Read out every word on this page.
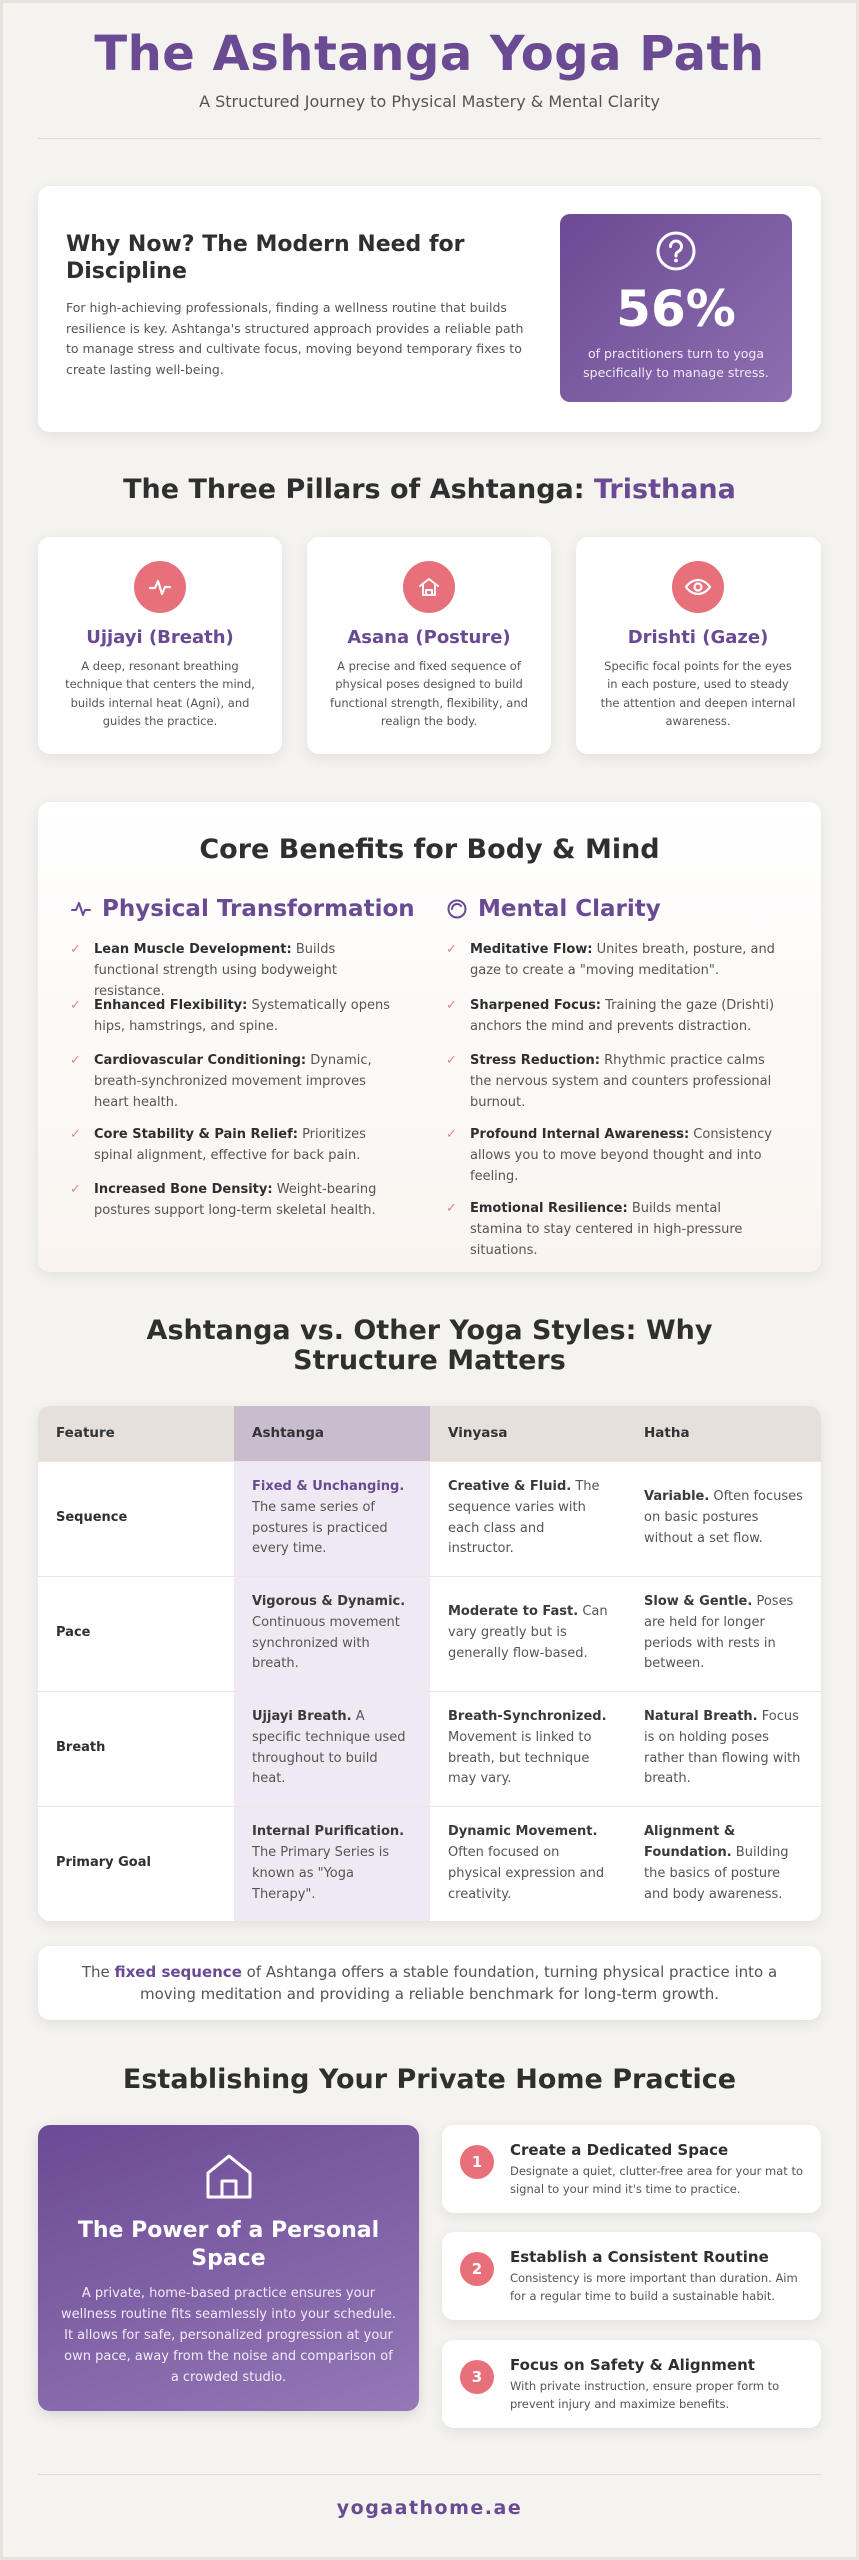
The Ashtanga Yoga Path
A Structured Journey to Physical Mastery & Mental Clarity
Why Now? The Modern Need for Discipline
For high-achieving professionals, finding a wellness routine that builds resilience is key. Ashtanga's structured approach provides a reliable path to manage stress and cultivate focus, moving beyond temporary fixes to create lasting well-being.
56%
of practitioners turn to yoga specifically to manage stress.
The Three Pillars of Ashtanga: Tristhana
Ujjayi (Breath)
A deep, resonant breathing technique that centers the mind, builds internal heat (Agni), and guides the practice.
Asana (Posture)
A precise and fixed sequence of physical poses designed to build functional strength, flexibility, and realign the body.
Drishti (Gaze)
Specific focal points for the eyes in each posture, used to steady the attention and deepen internal awareness.
Core Benefits for Body & Mind
Physical Transformation	Mental Clarity
✓ Lean Muscle Development: Builds functional strength using bodyweight resistance.
✓ Enhanced Flexibility: Systematically opens hips, hamstrings, and spine.
✓ Cardiovascular Conditioning: Dynamic, breath-synchronized movement improves heart health.
✓ Core Stability & Pain Relief: Prioritizes spinal alignment, effective for back pain.
✓ Increased Bone Density: Weight-bearing postures support long-term skeletal health.
✓ Meditative Flow: Unites breath, posture, and gaze to create a "moving meditation".
✓ Sharpened Focus: Training the gaze (Drishti) anchors the mind and prevents distraction.
✓ Stress Reduction: Rhythmic practice calms the nervous system and counters professional burnout.
✓ Profound Internal Awareness: Consistency allows you to move beyond thought and into feeling.
✓ Emotional Resilience: Builds mental stamina to stay centered in high-pressure situations.
Ashtanga vs. Other Yoga Styles: Why Structure Matters
Feature	Ashtanga	Vinyasa	Hatha
Sequence	Fixed & Unchanging. The same series of postures is practiced every time.	Creative & Fluid. The sequence varies with each class and instructor.	Variable. Often focuses on basic postures without a set flow.
Pace	Vigorous & Dynamic. Continuous movement synchronized with breath.	Moderate to Fast. Can vary greatly but is generally flow-based.	Slow & Gentle. Poses are held for longer periods with rests in between.
Breath	Ujjayi Breath. A specific technique used throughout to build heat.	Breath-Synchronized. Movement is linked to breath, but technique may vary.	Natural Breath. Focus is on holding poses rather than flowing with breath.
Primary Goal	Internal Purification. The Primary Series is known as "Yoga Therapy".	Dynamic Movement. Often focused on physical expression and creativity.	Alignment & Foundation. Building the basics of posture and body awareness.
The fixed sequence of Ashtanga offers a stable foundation, turning physical practice into a moving meditation and providing a reliable benchmark for long-term growth.
Establishing Your Private Home Practice
The Power of a Personal Space
A private, home-based practice ensures your wellness routine fits seamlessly into your schedule. It allows for safe, personalized progression at your own pace, away from the noise and comparison of a crowded studio.
1
Create a Dedicated Space
Designate a quiet, clutter-free area for your mat to signal to your mind it's time to practice.
2
Establish a Consistent Routine
Consistency is more important than duration. Aim for a regular time to build a sustainable habit.
3
Focus on Safety & Alignment
With private instruction, ensure proper form to prevent injury and maximize benefits.
yogaathome.ae
